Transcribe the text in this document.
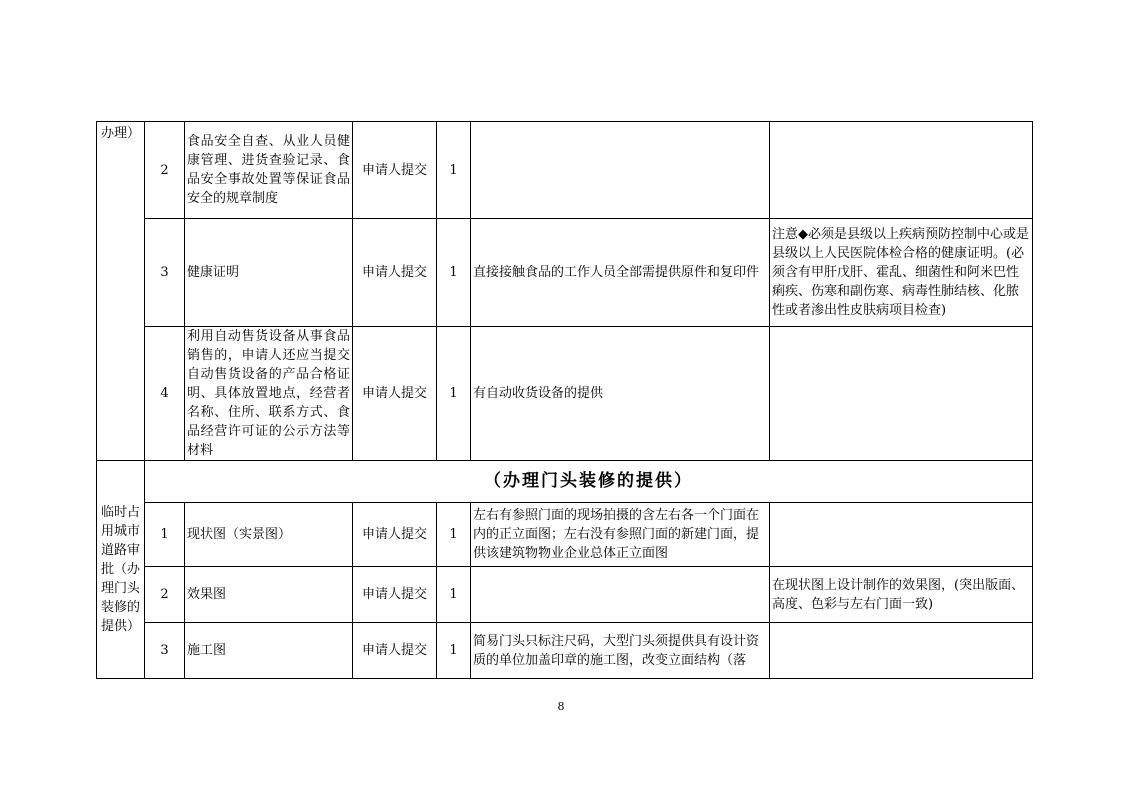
办理）	2	食品安全自查、从业人员健康管理、进货查验记录、食品安全事故处置等保证食品安全的规章制度	申请人提交	1		
	3	健康证明	申请人提交	1	直接接触食品的工作人员全部需提供原件和复印件	注意◆必须是县级以上疾病预防控制中心或是县级以上人民医院体检合格的健康证明。(必须含有甲肝戊肝、霍乱、细菌性和阿米巴性痢疾、伤寒和副伤寒、病毒性肺结核、化脓性或者渗出性皮肤病项目检查)
	4	利用自动售货设备从事食品销售的，申请人还应当提交自动售货设备的产品合格证明、具体放置地点，经营者名称、住所、联系方式、食品经营许可证的公示方法等材料	申请人提交	1	有自动收货设备的提供	
临时占用城市道路审批（办理门头装修的提供）	（办理门头装修的提供）					
	1	现状图（实景图）	申请人提交	1	左右有参照门面的现场拍摄的含左右各一个门面在内的正立面图；左右没有参照门面的新建门面，提供该建筑物物业企业总体正立面图	
	2	效果图	申请人提交	1		在现状图上设计制作的效果图，(突出版面、高度、色彩与左右门面一致)
	3	施工图	申请人提交	1	简易门头只标注尺码，大型门头须提供具有设计资质的单位加盖印章的施工图，改变立面结构（落	
8
